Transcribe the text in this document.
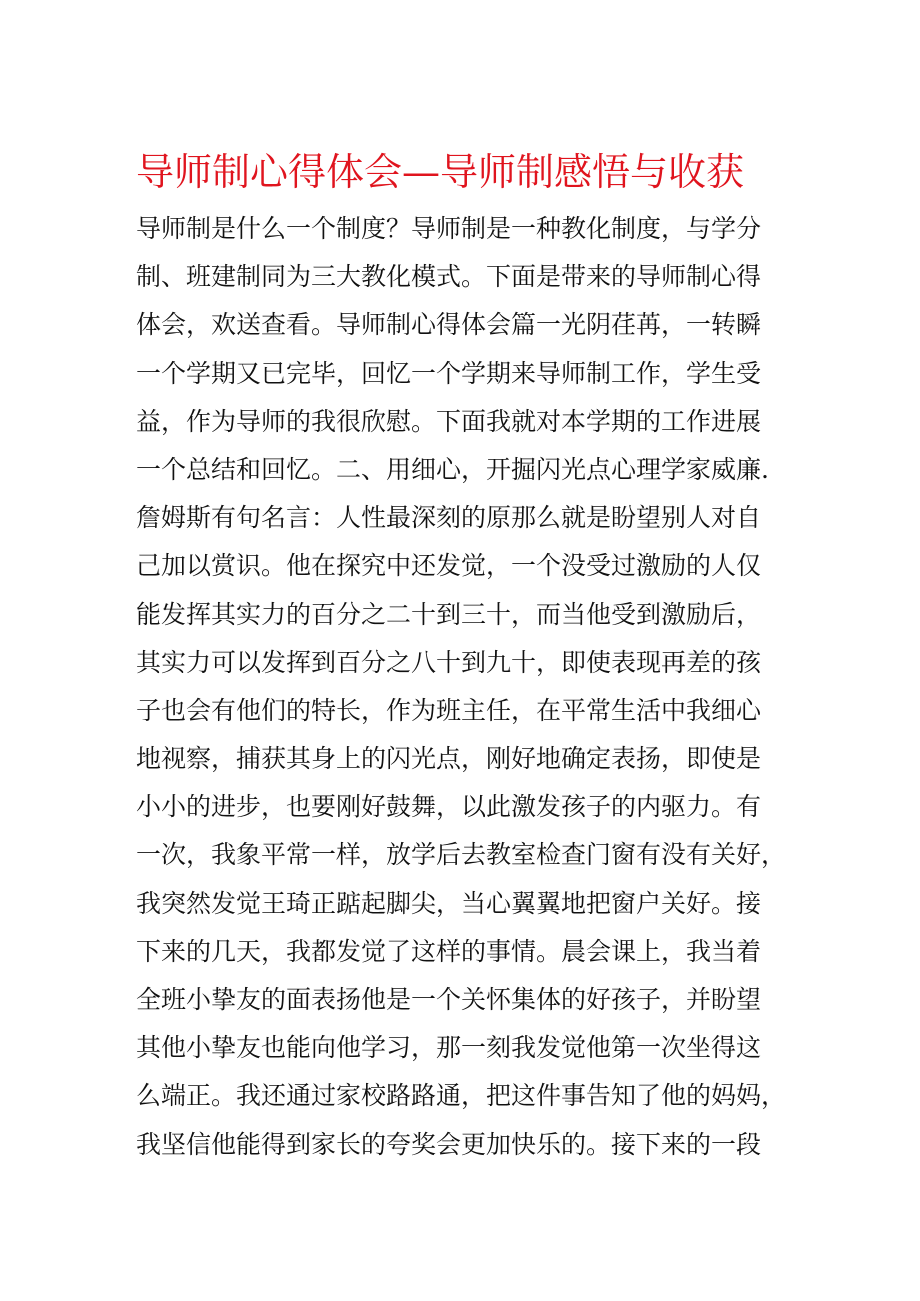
导师制心得体会—导师制感悟与收获
导师制是什么一个制度？导师制是一种教化制度，与学分
制、班建制同为三大教化模式。下面是带来的导师制心得
体会，欢送查看。导师制心得体会篇一光阴荏苒，一转瞬
一个学期又已完毕，回忆一个学期来导师制工作，学生受
益，作为导师的我很欣慰。下面我就对本学期的工作进展
一个总结和回忆。二、用细心，开掘闪光点心理学家威廉.
詹姆斯有句名言：人性最深刻的原那么就是盼望别人对自
己加以赏识。他在探究中还发觉，一个没受过激励的人仅
能发挥其实力的百分之二十到三十，而当他受到激励后，
其实力可以发挥到百分之八十到九十，即使表现再差的孩
子也会有他们的特长，作为班主任，在平常生活中我细心
地视察，捕获其身上的闪光点，刚好地确定表扬，即使是
小小的进步，也要刚好鼓舞，以此激发孩子的内驱力。有
一次，我象平常一样，放学后去教室检查门窗有没有关好，
我突然发觉王琦正踮起脚尖，当心翼翼地把窗户关好。接
下来的几天，我都发觉了这样的事情。晨会课上，我当着
全班小挚友的面表扬他是一个关怀集体的好孩子，并盼望
其他小挚友也能向他学习，那一刻我发觉他第一次坐得这
么端正。我还通过家校路路通，把这件事告知了他的妈妈，
我坚信他能得到家长的夸奖会更加快乐的。接下来的一段
